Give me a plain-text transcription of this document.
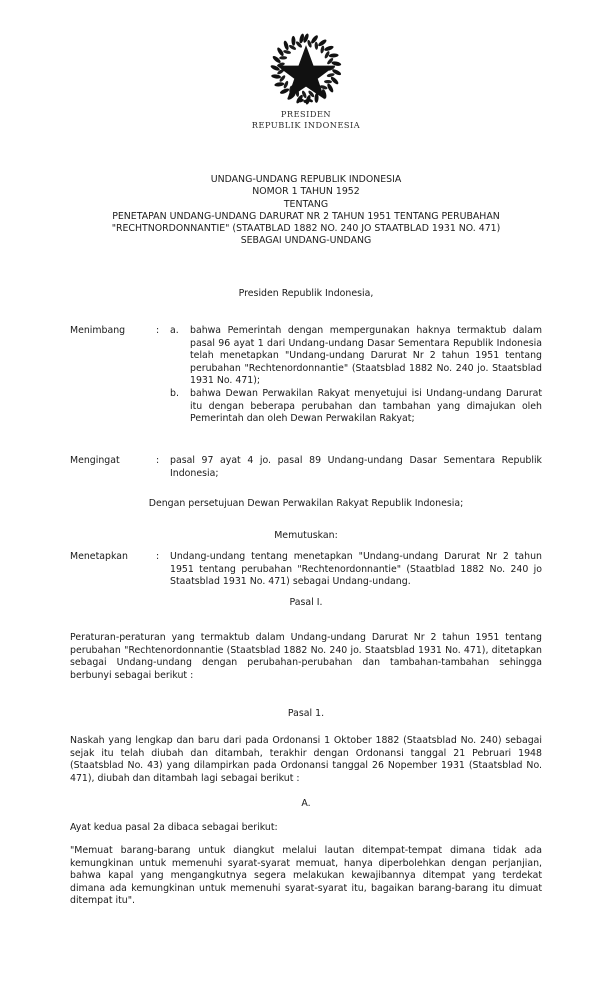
PRESIDEN
REPUBLIK INDONESIA
UNDANG-UNDANG REPUBLIK INDONESIA
NOMOR 1 TAHUN 1952
TENTANG
PENETAPAN UNDANG-UNDANG DARURAT NR 2 TAHUN 1951 TENTANG PERUBAHAN
"RECHTNORDONNANTIE" (STAATBLAD 1882 NO. 240 JO STAATBLAD 1931 NO. 471)
SEBAGAI UNDANG-UNDANG
Presiden Republik Indonesia,
Menimbang	:	a.	bahwa Pemerintah dengan mempergunakan haknya termaktub dalam pasal 96 ayat 1 dari Undang-undang Dasar Sementara Republik Indonesia telah menetapkan "Undang-undang Darurat Nr 2 tahun 1951 tentang perubahan "Rechtenordonnantie" (Staatsblad 1882 No. 240 jo. Staatsblad 1931 No. 471);
b.	bahwa Dewan Perwakilan Rakyat menyetujui isi Undang-undang Darurat itu dengan beberapa perubahan dan tambahan yang dimajukan oleh Pemerintah dan oleh Dewan Perwakilan Rakyat;
Mengingat	:	pasal 97 ayat 4 jo. pasal 89 Undang-undang Dasar Sementara Republik Indonesia;
Dengan persetujuan Dewan Perwakilan Rakyat Republik Indonesia;
Memutuskan:
Menetapkan	:	Undang-undang tentang menetapkan "Undang-undang Darurat Nr 2 tahun 1951 tentang perubahan "Rechtenordonnantie" (Staatblad 1882 No. 240 jo Staatsblad 1931 No. 471) sebagai Undang-undang.
Pasal I.
Peraturan-peraturan yang termaktub dalam Undang-undang Darurat Nr 2 tahun 1951 tentang perubahan "Rechtenordonnantie (Staatsblad 1882 No. 240 jo. Staatsblad 1931 No. 471), ditetapkan sebagai Undang-undang dengan perubahan-perubahan dan tambahan-tambahan sehingga berbunyi sebagai berikut :
Pasal 1.
Naskah yang lengkap dan baru dari pada Ordonansi 1 Oktober 1882 (Staatsblad No. 240) sebagai sejak itu telah diubah dan ditambah, terakhir dengan Ordonansi tanggal 21 Pebruari 1948 (Staatsblad No. 43) yang dilampirkan pada Ordonansi tanggal 26 Nopember 1931 (Staatsblad No. 471), diubah dan ditambah lagi sebagai berikut :
A.
Ayat kedua pasal 2a dibaca sebagai berikut:
"Memuat barang-barang untuk diangkut melalui lautan ditempat-tempat dimana tidak ada kemungkinan untuk memenuhi syarat-syarat memuat, hanya diperbolehkan dengan perjanjian, bahwa kapal yang mengangkutnya segera melakukan kewajibannya ditempat yang terdekat dimana ada kemungkinan untuk memenuhi syarat-syarat itu, bagaikan barang-barang itu dimuat ditempat itu".
